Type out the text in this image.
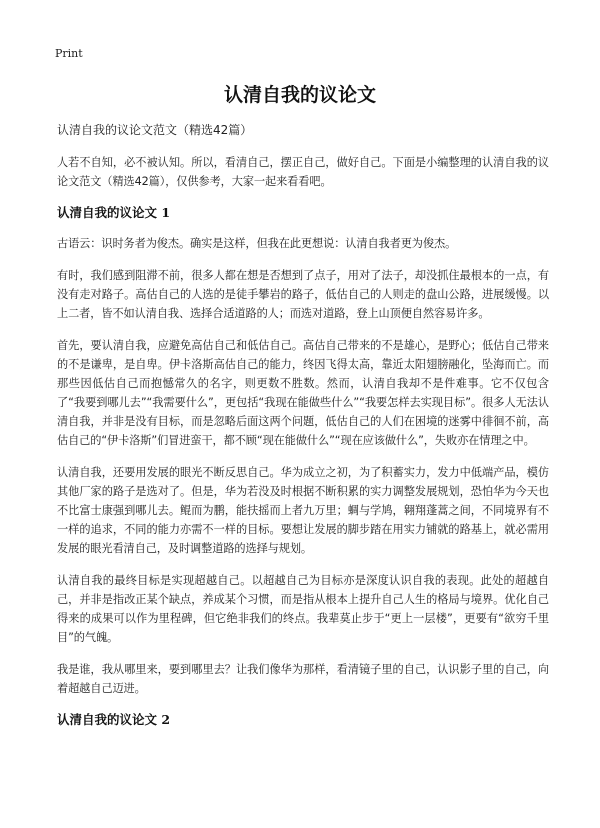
Print
认清自我的议论文

认清自我的议论文范文（精选42篇）

人若不自知，必不被认知。所以，看清自己，摆正自己，做好自己。下面是小编整理的认清自我的议论文范文（精选42篇），仅供参考，大家一起来看看吧。

认清自我的议论文 1

古语云：识时务者为俊杰。确实是这样，但我在此更想说：认清自我者更为俊杰。

有时，我们感到阻滞不前，很多人都在想是否想到了点子，用对了法子，却没抓住最根本的一点，有没有走对路子。高估自己的人选的是徒手攀岩的路子，低估自己的人则走的盘山公路，进展缓慢。以上二者，皆不如认清自我、选择合适道路的人；而选对道路，登上山顶便自然容易许多。

首先，要认清自我，应避免高估自己和低估自己。高估自己带来的不是雄心，是野心；低估自己带来的不是谦卑，是自卑。伊卡洛斯高估自己的能力，终因飞得太高，靠近太阳翅膀融化，坠海而亡。而那些因低估自己而抱憾常久的名字，则更数不胜数。然而，认清自我却不是件难事。它不仅包含了“我要到哪儿去”“我需要什么”，更包括“我现在能做些什么”“我要怎样去实现目标”。很多人无法认清自我，并非是没有目标，而是忽略后面这两个问题，低估自己的人们在困境的迷雾中徘徊不前，高估自己的“伊卡洛斯”们冒进蛮干，都不顾“现在能做什么”“现在应该做什么”，失败亦在情理之中。

认清自我，还要用发展的眼光不断反思自己。华为成立之初，为了积蓄实力，发力中低端产品，模仿其他厂家的路子是选对了。但是，华为若没及时根据不断积累的实力调整发展规划，恐怕华为今天也不比富士康强到哪儿去。鲲而为鹏，能扶摇而上者九万里；蜩与学鸠，翱翔蓬蒿之间，不同境界有不一样的追求，不同的能力亦需不一样的目标。要想让发展的脚步踏在用实力铺就的路基上，就必需用发展的眼光看清自己，及时调整道路的选择与规划。

认清自我的最终目标是实现超越自己。以超越自己为目标亦是深度认识自我的表现。此处的超越自己，并非是指改正某个缺点，养成某个习惯，而是指从根本上提升自己人生的格局与境界。优化自己得来的成果可以作为里程碑，但它绝非我们的终点。我辈莫止步于“更上一层楼”，更要有“欲穷千里目”的气魄。

我是谁，我从哪里来，要到哪里去？让我们像华为那样，看清镜子里的自己，认识影子里的自己，向着超越自己迈进。

认清自我的议论文 2
